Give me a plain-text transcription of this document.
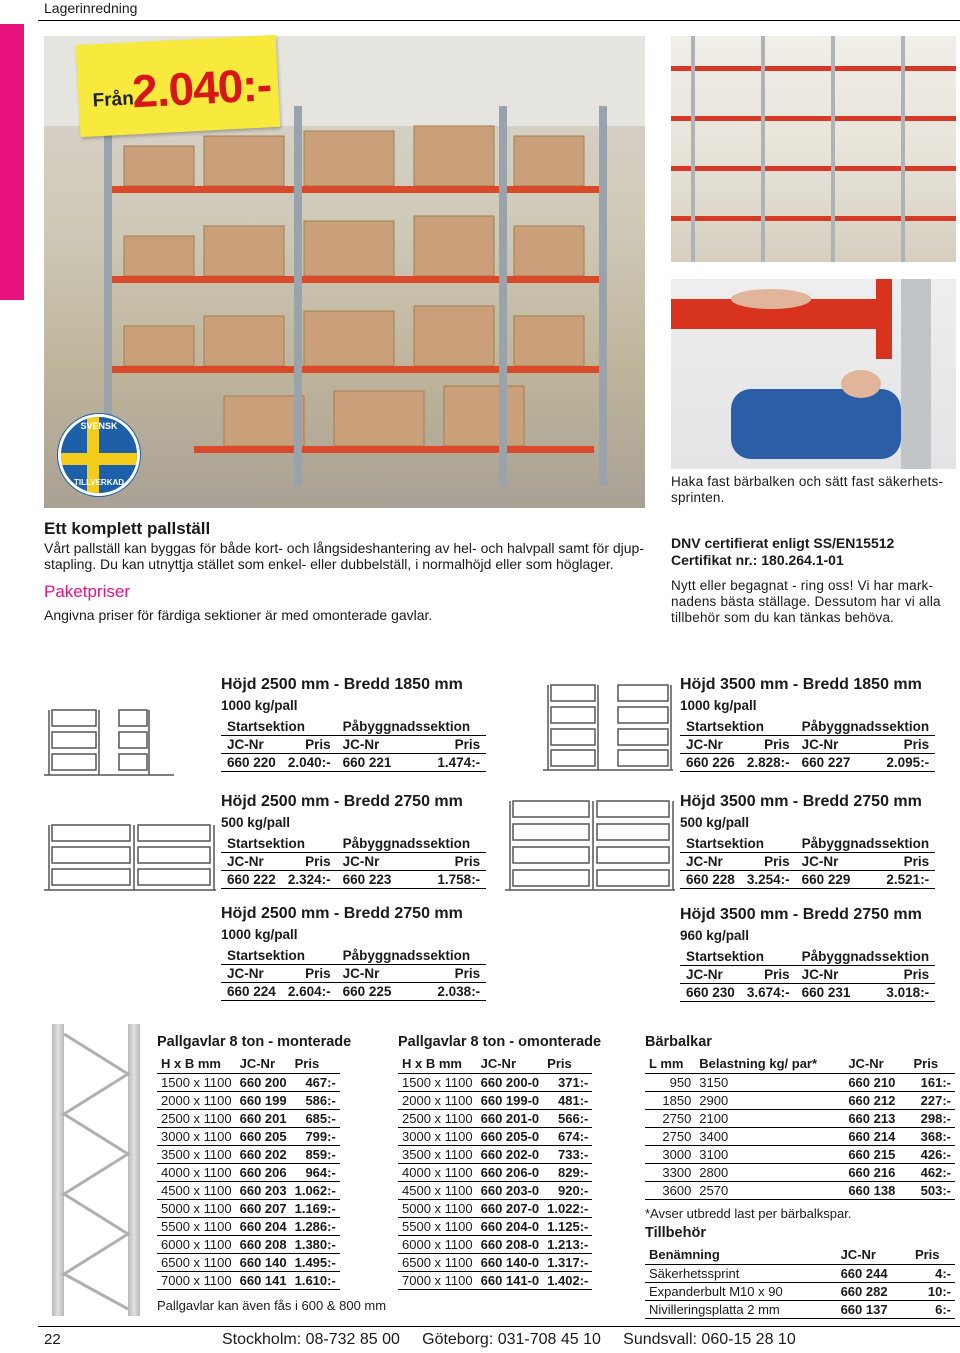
Lagerinredning
Från
2.040:-
SVENSK
TILLVERKAD	Haka fast bärbalken och sätt fast säkerhets-
sprinten.
DNV certifierat enligt SS/EN15512
Certifikat nr.: 180.264.1-01
Nytt eller begagnat - ring oss! Vi har mark-
nadens bästa ställage. Dessutom har vi alla
tillbehör som du kan tänkas behöva.
Ett komplett pallställ
Vårt pallställ kan byggas för både kort- och långsideshantering av hel- och halvpall samt för djup-
stapling. Du kan utnyttja stället som enkel- eller dubbelställ, i normalhöjd eller som höglager.
Paketpriser
Angivna priser för färdiga sektioner är med omonterade gavlar.
Höjd 2500 mm - Bredd 1850 mm
1000 kg/pall
Startsektion		Påbyggnadssektion	
JC-Nr	Pris	JC-Nr	Pris
660 220	2.040:-	660 221	1.474:-
Höjd 2500 mm - Bredd 2750 mm
500 kg/pall
Startsektion		Påbyggnadssektion	
JC-Nr	Pris	JC-Nr	Pris
660 222	2.324:-	660 223	1.758:-
Höjd 2500 mm - Bredd 2750 mm
1000 kg/pall
Startsektion		Påbyggnadssektion	
JC-Nr	Pris	JC-Nr	Pris
660 224	2.604:-	660 225	2.038:-
Höjd 3500 mm - Bredd 1850 mm
1000 kg/pall
Startsektion		Påbyggnadssektion	
JC-Nr	Pris	JC-Nr	Pris
660 226	2.828:-	660 227	2.095:-
Höjd 3500 mm - Bredd 2750 mm
500 kg/pall
Startsektion		Påbyggnadssektion	
JC-Nr	Pris	JC-Nr	Pris
660 228	3.254:-	660 229	2.521:-
Höjd 3500 mm - Bredd 2750 mm
960 kg/pall
Startsektion		Påbyggnadssektion	
JC-Nr	Pris	JC-Nr	Pris
660 230	3.674:-	660 231	3.018:-
Pallgavlar 8 ton - monterade
H x B mm	JC-Nr	Pris
1500 x 1100	660 200	467:-
2000 x 1100	660 199	586:-
2500 x 1100	660 201	685:-
3000 x 1100	660 205	799:-
3500 x 1100	660 202	859:-
4000 x 1100	660 206	964:-
4500 x 1100	660 203	1.062:-
5000 x 1100	660 207	1.169:-
5500 x 1100	660 204	1.286:-
6000 x 1100	660 208	1.380:-
6500 x 1100	660 140	1.495:-
7000 x 1100	660 141	1.610:-
Pallgavlar kan även fås i 600 & 800 mm
Pallgavlar 8 ton - omonterade
H x B mm	JC-Nr	Pris
1500 x 1100	660 200-0	371:-
2000 x 1100	660 199-0	481:-
2500 x 1100	660 201-0	566:-
3000 x 1100	660 205-0	674:-
3500 x 1100	660 202-0	733:-
4000 x 1100	660 206-0	829:-
4500 x 1100	660 203-0	920:-
5000 x 1100	660 207-0	1.022:-
5500 x 1100	660 204-0	1.125:-
6000 x 1100	660 208-0	1.213:-
6500 x 1100	660 140-0	1.317:-
7000 x 1100	660 141-0	1.402:-
Bärbalkar
L mm	Belastning kg/ par*	JC-Nr	Pris
950	3150	660 210	161:-
1850	2900	660 212	227:-
2750	2100	660 213	298:-
2750	3400	660 214	368:-
3000	3100	660 215	426:-
3300	2800	660 216	462:-
3600	2570	660 138	503:-
*Avser utbredd last per bärbalkspar.
Tillbehör
Benämning	JC-Nr	Pris
Säkerhetssprint	660 244	4:-
Expanderbult M10 x 90	660 282	10:-
Nivilleringsplatta 2 mm	660 137	6:-
22	Stockholm: 08-732 85 00     Göteborg: 031-708 45 10     Sundsvall: 060-15 28 10
